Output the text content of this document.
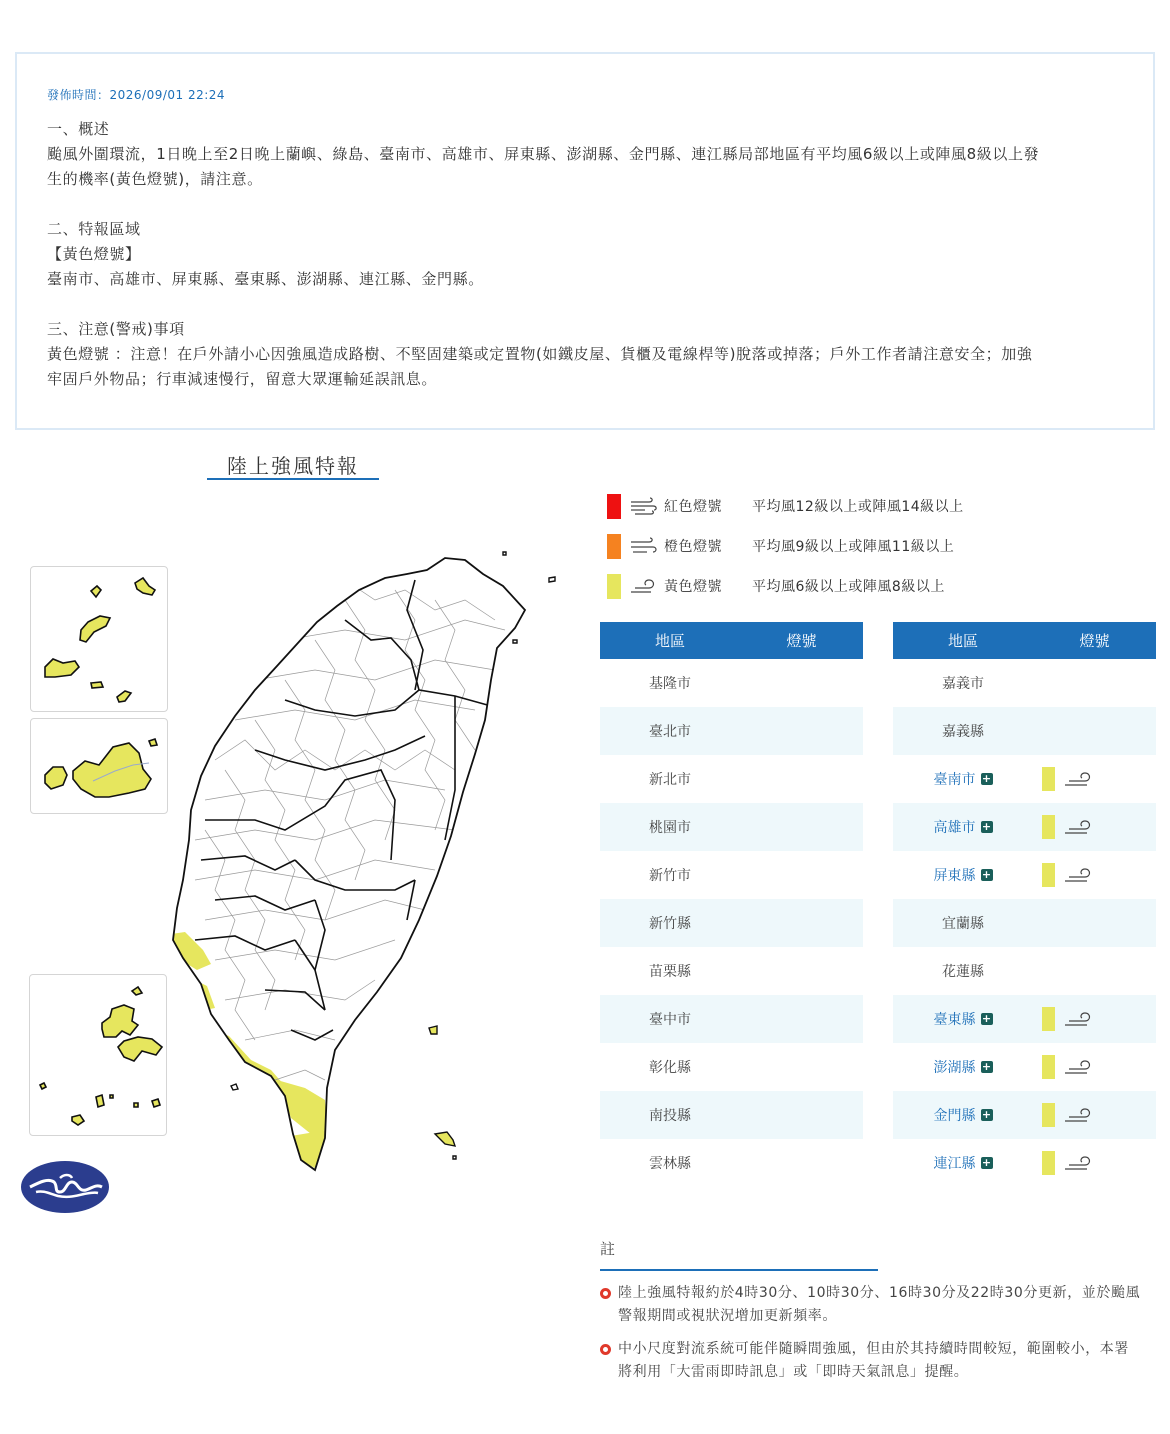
發佈時間：2026/09/01 22:24
一、概述
颱風外圍環流，1日晚上至2日晚上蘭嶼、綠島、臺南市、高雄市、屏東縣、澎湖縣、金門縣、連江縣局部地區有平均風6級以上或陣風8級以上發
生的機率(黃色燈號)，請注意。
二、特報區域
【黃色燈號】
臺南市、高雄市、屏東縣、臺東縣、澎湖縣、連江縣、金門縣。
三、注意(警戒)事項
黃色燈號 ：注意！在戶外請小心因強風造成路樹、不堅固建築或定置物(如鐵皮屋、貨櫃及電線桿等)脫落或掉落；戶外工作者請注意安全；加強
牢固戶外物品；行車減速慢行，留意大眾運輸延誤訊息。
陸上強風特報
紅色燈號	平均風12級以上或陣風14級以上
橙色燈號	平均風9級以上或陣風11級以上
黃色燈號	平均風6級以上或陣風8級以上
地區	燈號
基隆市
臺北市
新北市
桃園市
新竹市
新竹縣
苗栗縣
臺中市
彰化縣
南投縣
雲林縣
地區	燈號
嘉義市
嘉義縣
臺南市 +
高雄市 +
屏東縣 +
宜蘭縣
花蓮縣
臺東縣 +
澎湖縣 +
金門縣 +
連江縣 +
註
陸上強風特報約於4時30分、10時30分、16時30分及22時30分更新，並於颱風
警報期間或視狀況增加更新頻率。
中小尺度對流系統可能伴隨瞬間強風，但由於其持續時間較短，範圍較小，本署
將利用「大雷雨即時訊息」或「即時天氣訊息」提醒。
